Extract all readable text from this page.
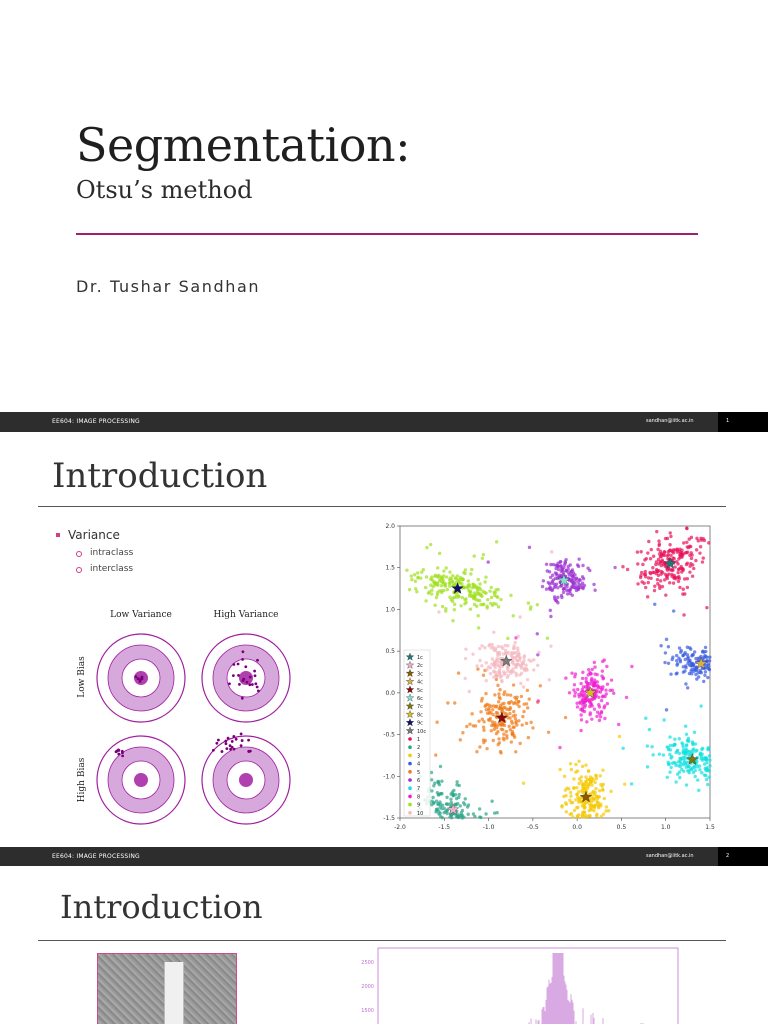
Segmentation:
Otsu’s method
Dr. Tushar Sandhan
EE604: IMAGE PROCESSING	sandhan@iitk.ac.in	1
Introduction
Variance
intraclass
interclass
Low Variance	High Variance
Low Bias
High Bias
-2.0	-1.5	-1.0	-0.5	0.0	0.5	1.0	1.5
2.0
1.5
1.0
0.5
0.0
-0.5
-1.0
-1.5
1c
2c
3c
4c
5c
6c
7c
8c
9c
10c
1
2
3
4
5
6
7
8
9
10
EE604: IMAGE PROCESSING	sandhan@iitk.ac.in	2
Introduction
2500
2000
1500
